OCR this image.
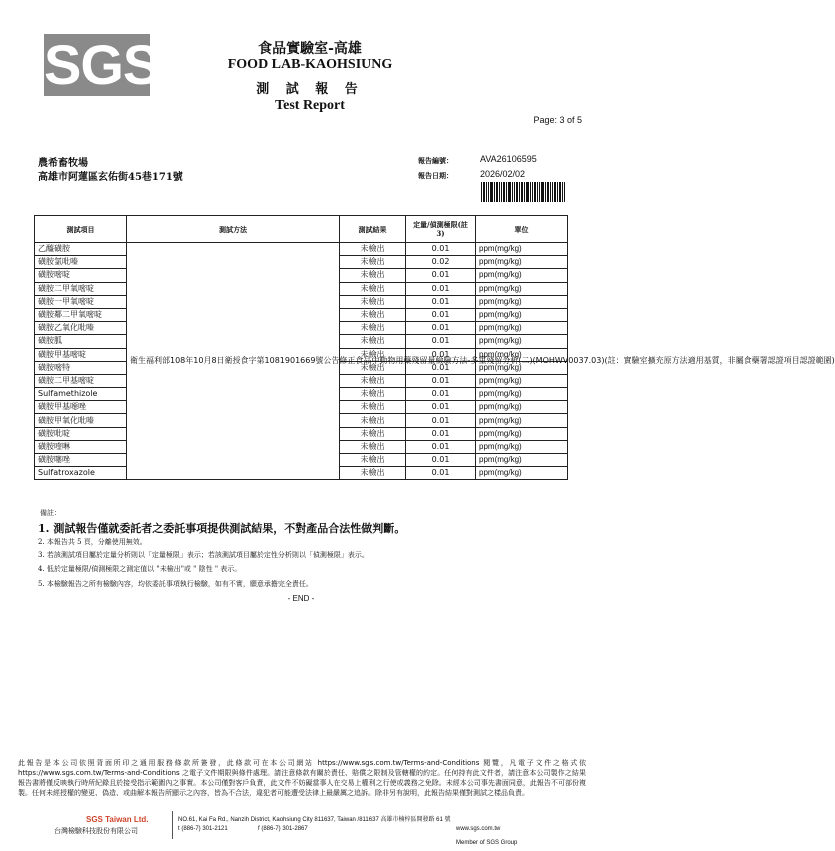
SGS	食品實驗室-高雄
FOOD LAB-KAOHSIUNG
測 試 報 告
Test Report
Page: 3 of 5
農希畜牧場
高雄市阿蓮區玄佑街45巷171號
報告編號：	AVA26106595
報告日期：	2026/02/02
測試項目	測試方法	測試結果	定量/偵測極限(註3)	單位
乙醯磺胺	衛生福利部108年10月8日衛授食字第1081901669號公告修正食品中動物用藥殘留量檢驗方法-多重殘留分析(二)(MOHWV0037.03)(註：實驗室擴充原方法適用基質，非屬食藥署認證項目認證範圍)	未檢出	0.01	ppm(mg/kg)
磺胺氯吡嗪		未檢出	0.02	ppm(mg/kg)
磺胺嘧啶		未檢出	0.01	ppm(mg/kg)
磺胺二甲氧嘧啶		未檢出	0.01	ppm(mg/kg)
磺胺一甲氧嘧啶		未檢出	0.01	ppm(mg/kg)
磺胺鄰二甲氧嘧啶		未檢出	0.01	ppm(mg/kg)
磺胺乙氧化吡嗪		未檢出	0.01	ppm(mg/kg)
磺胺胍		未檢出	0.01	ppm(mg/kg)
磺胺甲基嘧啶		未檢出	0.01	ppm(mg/kg)
磺胺嘧特		未檢出	0.01	ppm(mg/kg)
磺胺二甲基嘧啶		未檢出	0.01	ppm(mg/kg)
Sulfamethizole		未檢出	0.01	ppm(mg/kg)
磺胺甲基噁唑		未檢出	0.01	ppm(mg/kg)
磺胺甲氧化吡嗪		未檢出	0.01	ppm(mg/kg)
磺胺吡啶		未檢出	0.01	ppm(mg/kg)
磺胺喹啉		未檢出	0.01	ppm(mg/kg)
磺胺噻唑		未檢出	0.01	ppm(mg/kg)
Sulfatroxazole		未檢出	0.01	ppm(mg/kg)
備註：
1. 測試報告僅就委託者之委託事項提供測試結果，不對產品合法性做判斷。
2. 本報告共 5 頁，分離使用無效。
3. 若該測試項目屬於定量分析則以「定量極限」表示；若該測試項目屬於定性分析則以「偵測極限」表示。
4. 低於定量極限/偵測極限之測定值以 "未檢出"或 " 陰性 " 表示。
5. 本檢驗報告之所有檢驗內容，均依委託事項執行檢驗，如有不實，願意承擔完全責任。
- END -
此報告是本公司依照背面所印之通用服務條款所簽發，此條款可在本公司網站 https://www.sgs.com.tw/Terms-and-Conditions 閱覽，凡電子文件之格式依 https://www.sgs.com.tw/Terms-and-Conditions 之電子文件期限與條件處理。請注意條款有關於責任、賠償之限制及管轄權的約定。任何持有此文件者，請注意本公司製作之結果報告書將僅反映執行時所紀錄且於接受指示範圍內之事實。本公司僅對客戶負責，此文件不妨礙當事人在交易上權利之行使或義務之免除。未經本公司事先書面同意，此報告不可部份複製。任何未經授權的變更、偽造、或曲解本報告所顯示之內容，皆為不合法，違犯者可能遭受法律上最嚴厲之追訴。除非另有說明，此報告結果僅對測試之樣品負責。
SGS Taiwan Ltd.
台灣檢驗科技股份有限公司
NO.61, Kai Fa Rd., Nanzih District, Kaohsiung City 811637, Taiwan /811637 高雄市楠梓區開發路 61 號
t (886-7) 301-2121	f (886-7) 301-2867	www.sgs.com.tw
Member of SGS Group
